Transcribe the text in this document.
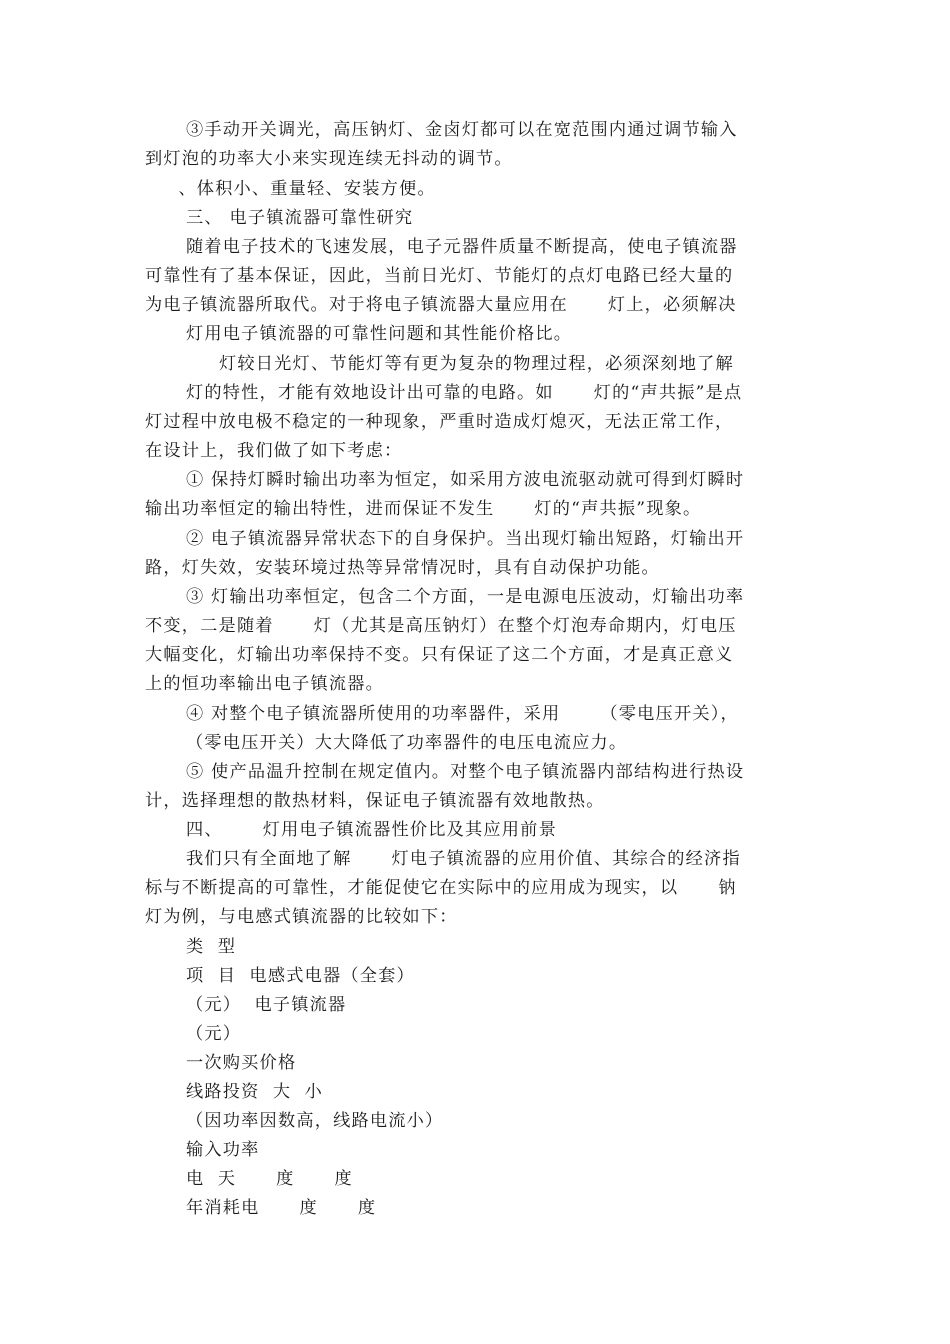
③手动开关调光，高压钠灯、金卤灯都可以在宽范围内通过调节输入
到灯泡的功率大小来实现连续无抖动的调节。
、体积小、重量轻、安装方便。
三、 电子镇流器可靠性研究
随着电子技术的飞速发展，电子元器件质量不断提高，使电子镇流器
可靠性有了基本保证，因此，当前日光灯、节能灯的点灯电路已经大量的
为电子镇流器所取代。对于将电子镇流器大量应用在      灯上，必须解决
灯用电子镇流器的可靠性问题和其性能价格比。
灯较日光灯、节能灯等有更为复杂的物理过程，必须深刻地了解
灯的特性，才能有效地设计出可靠的电路。如      灯的“声共振”是点
灯过程中放电极不稳定的一种现象，严重时造成灯熄灭，无法正常工作，
在设计上，我们做了如下考虑：
① 保持灯瞬时输出功率为恒定，如采用方波电流驱动就可得到灯瞬时
输出功率恒定的输出特性，进而保证不发生      灯的“声共振”现象。
② 电子镇流器异常状态下的自身保护。当出现灯输出短路，灯输出开
路，灯失效，安装环境过热等异常情况时，具有自动保护功能。
③ 灯输出功率恒定，包含二个方面，一是电源电压波动，灯输出功率
不变，二是随着      灯（尤其是高压钠灯）在整个灯泡寿命期内，灯电压
大幅变化，灯输出功率保持不变。只有保证了这二个方面，才是真正意义
上的恒功率输出电子镇流器。
④ 对整个电子镇流器所使用的功率器件，采用      （零电压开关），
（零电压开关）大大降低了功率器件的电压电流应力。
⑤ 使产品温升控制在规定值内。对整个电子镇流器内部结构进行热设
计，选择理想的散热材料，保证电子镇流器有效地散热。
四、      灯用电子镇流器性价比及其应用前景
我们只有全面地了解      灯电子镇流器的应用价值、其综合的经济指
标与不断提高的可靠性，才能促使它在实际中的应用成为现实，以      钠
灯为例，与电感式镇流器的比较如下：
类  型
项  目  电感式电器（全套）
（元）  电子镇流器
（元）
一次购买价格
线路投资  大  小
（因功率因数高，线路电流小）
输入功率
电  天      度      度
年消耗电      度      度
